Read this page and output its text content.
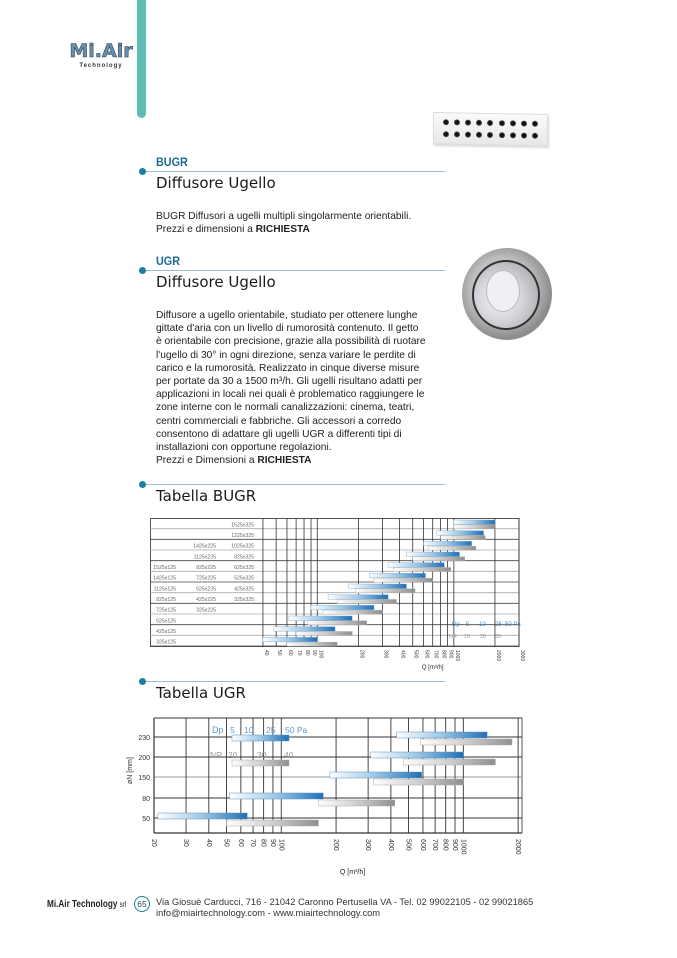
Mi.Air
Technology
BUGR
Diffusore Ugello
BUGR Diffusori a ugelli multipli singolarmente orientabili.
Prezzi e dimensioni a RICHIESTA
UGR
Diffusore Ugello
Diffusore a ugello orientabile, studiato per ottenere lunghe
gittate d'aria con un livello di rumorosità contenuto. Il getto
è orientabile con precisione, grazie alla possibilità di ruotare
l'ugello di 30° in ogni direzione, senza variare le perdite di
carico e la rumorosità. Realizzato in cinque diverse misure
per portate da 30 a 1500 m³/h. Gli ugelli risultano adatti per
applicazioni in locali nei quali è problematico raggiungere le
zone interne con le normali canalizzazioni: cinema, teatri,
centri commerciali e fabbriche. Gli accessori a corredo
consentono di adattare gli ugelli UGR a differenti tipi di
installazioni con opportune regolazioni.
Prezzi e Dimensioni a RICHIESTA
Tabella BUGR
1525x325
1225x325
1425x225	1025x325
1125x225	825x325
1525x125	925x225	625x325
1425x125	725x225	525x325
1125x125	525x225	425x325
925x125	425x225	325x325
725x125	325x225
525x125
425x125
325x125
40 50 60 70 80 90 100	200	300 400 500 600 700 800 900 1000	2000	3000
Q [m³/h]
Dp 5 10 25 50 Pa
NR 15 20 30
Tabella UGR
230
200
150
80
50
øN [mm]
20	30 40 50 60 70 80 90 100	200	300 400 500 600 700 800 900 1000	2000
Q [m³/h]
Dp 5 10 25 50 Pa
NR 20 30 40
Mi.Air Technology srl	65 Via Giosuè Carducci, 716 - 21042 Caronno Pertusella VA - Tel. 02 99022105 - 02 99021865
info@miairtechnology.com - www.miairtechnology.com
